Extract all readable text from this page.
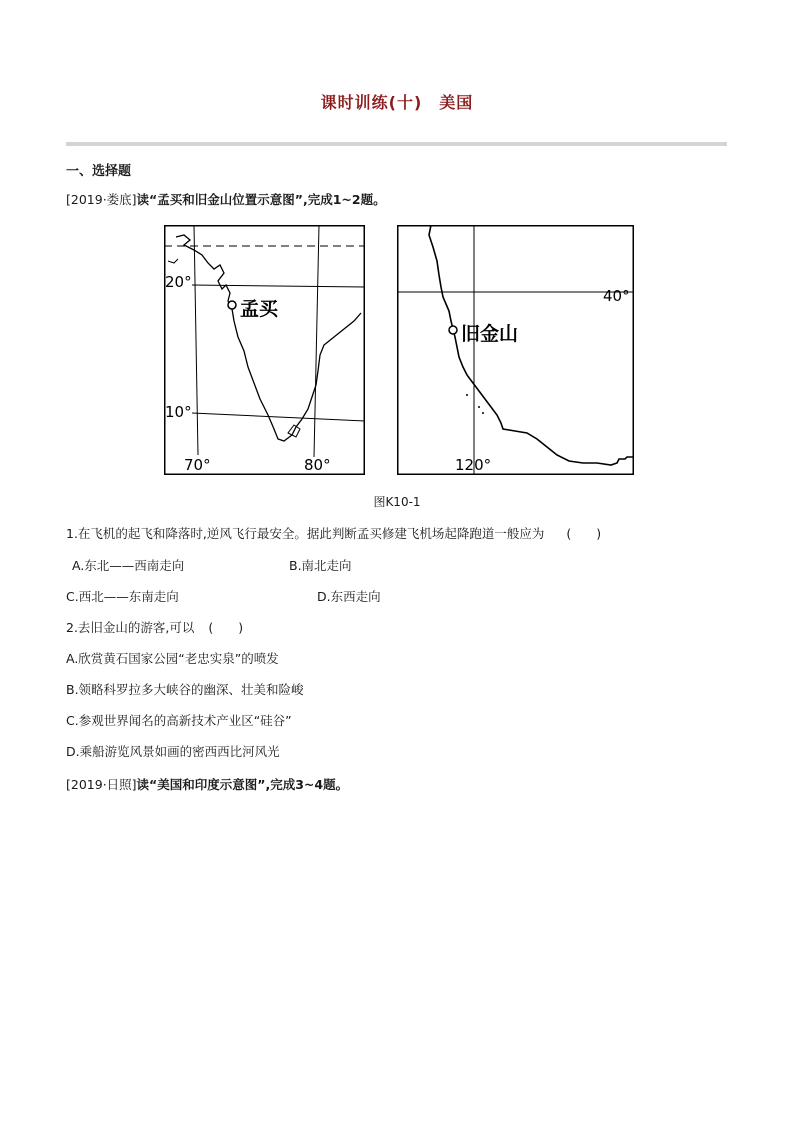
课时训练(十)　美国
一、选择题
[2019·娄底]读“孟买和旧金山位置示意图”,完成1~2题。
孟买
20°
10°
70°	80°
旧金山
40°
120°
图K10-1
1.在飞机的起飞和降落时,逆风飞行最安全。据此判断孟买修建飞机场起降跑道一般应为 (　　)
A.东北——西南走向	B.南北走向
C.西北——东南走向	D.东西走向
2.去旧金山的游客,可以 (　　)
A.欣赏黄石国家公园“老忠实泉”的喷发
B.领略科罗拉多大峡谷的幽深、壮美和险峻
C.参观世界闻名的高新技术产业区“硅谷”
D.乘船游览风景如画的密西西比河风光
[2019·日照]读“美国和印度示意图”,完成3~4题。
